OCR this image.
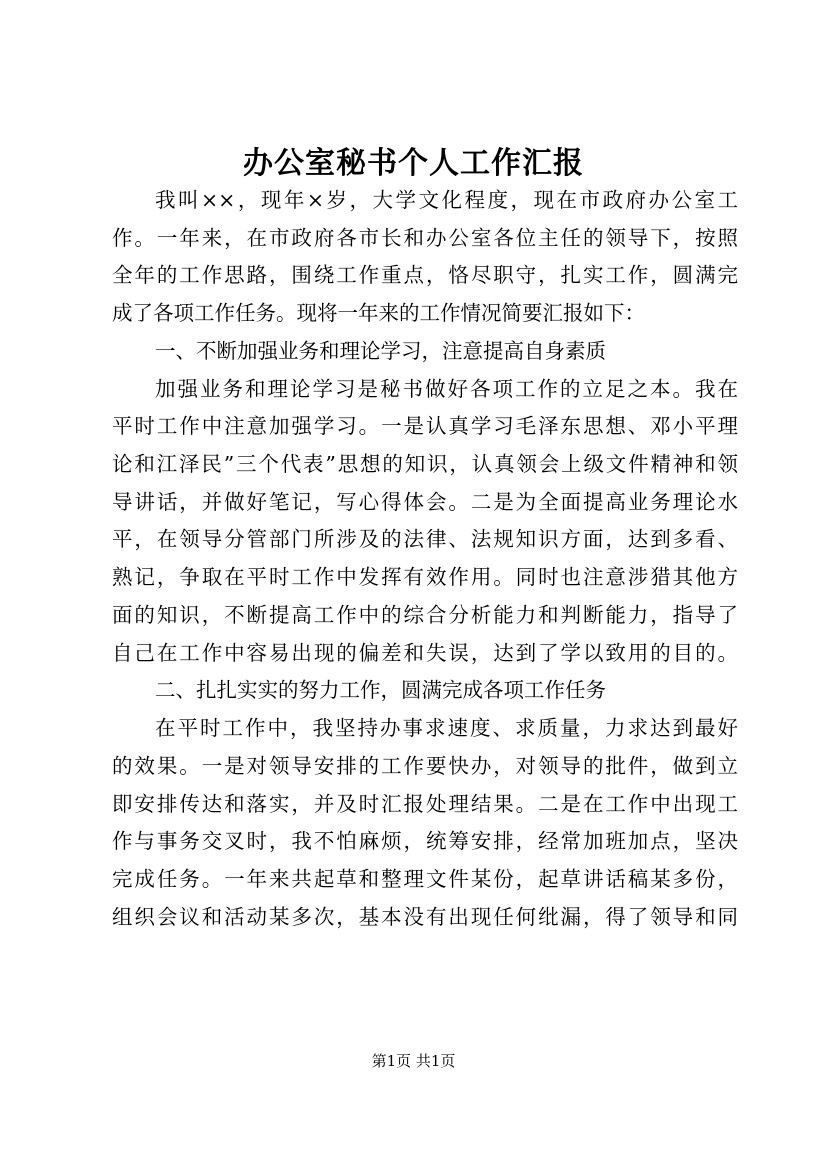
办公室秘书个人工作汇报

我叫××，现年×岁，大学文化程度，现在市政府办公室工

作。一年来，在市政府各市长和办公室各位主任的领导下，按照

全年的工作思路，围绕工作重点，恪尽职守，扎实工作，圆满完

成了各项工作任务。现将一年来的工作情况简要汇报如下：

一、不断加强业务和理论学习，注意提高自身素质

加强业务和理论学习是秘书做好各项工作的立足之本。我在

平时工作中注意加强学习。一是认真学习毛泽东思想、邓小平理

论和江泽民”三个代表”思想的知识，认真领会上级文件精神和领

导讲话，并做好笔记，写心得体会。二是为全面提高业务理论水

平，在领导分管部门所涉及的法律、法规知识方面，达到多看、

熟记，争取在平时工作中发挥有效作用。同时也注意涉猎其他方

面的知识，不断提高工作中的综合分析能力和判断能力，指导了

自己在工作中容易出现的偏差和失误，达到了学以致用的目的。

二、扎扎实实的努力工作，圆满完成各项工作任务

在平时工作中，我坚持办事求速度、求质量，力求达到最好

的效果。一是对领导安排的工作要快办，对领导的批件，做到立

即安排传达和落实，并及时汇报处理结果。二是在工作中出现工

作与事务交叉时，我不怕麻烦，统筹安排，经常加班加点，坚决

完成任务。一年来共起草和整理文件某份，起草讲话稿某多份，

组织会议和活动某多次，基本没有出现任何纰漏，得了领导和同

第1页 共1页
